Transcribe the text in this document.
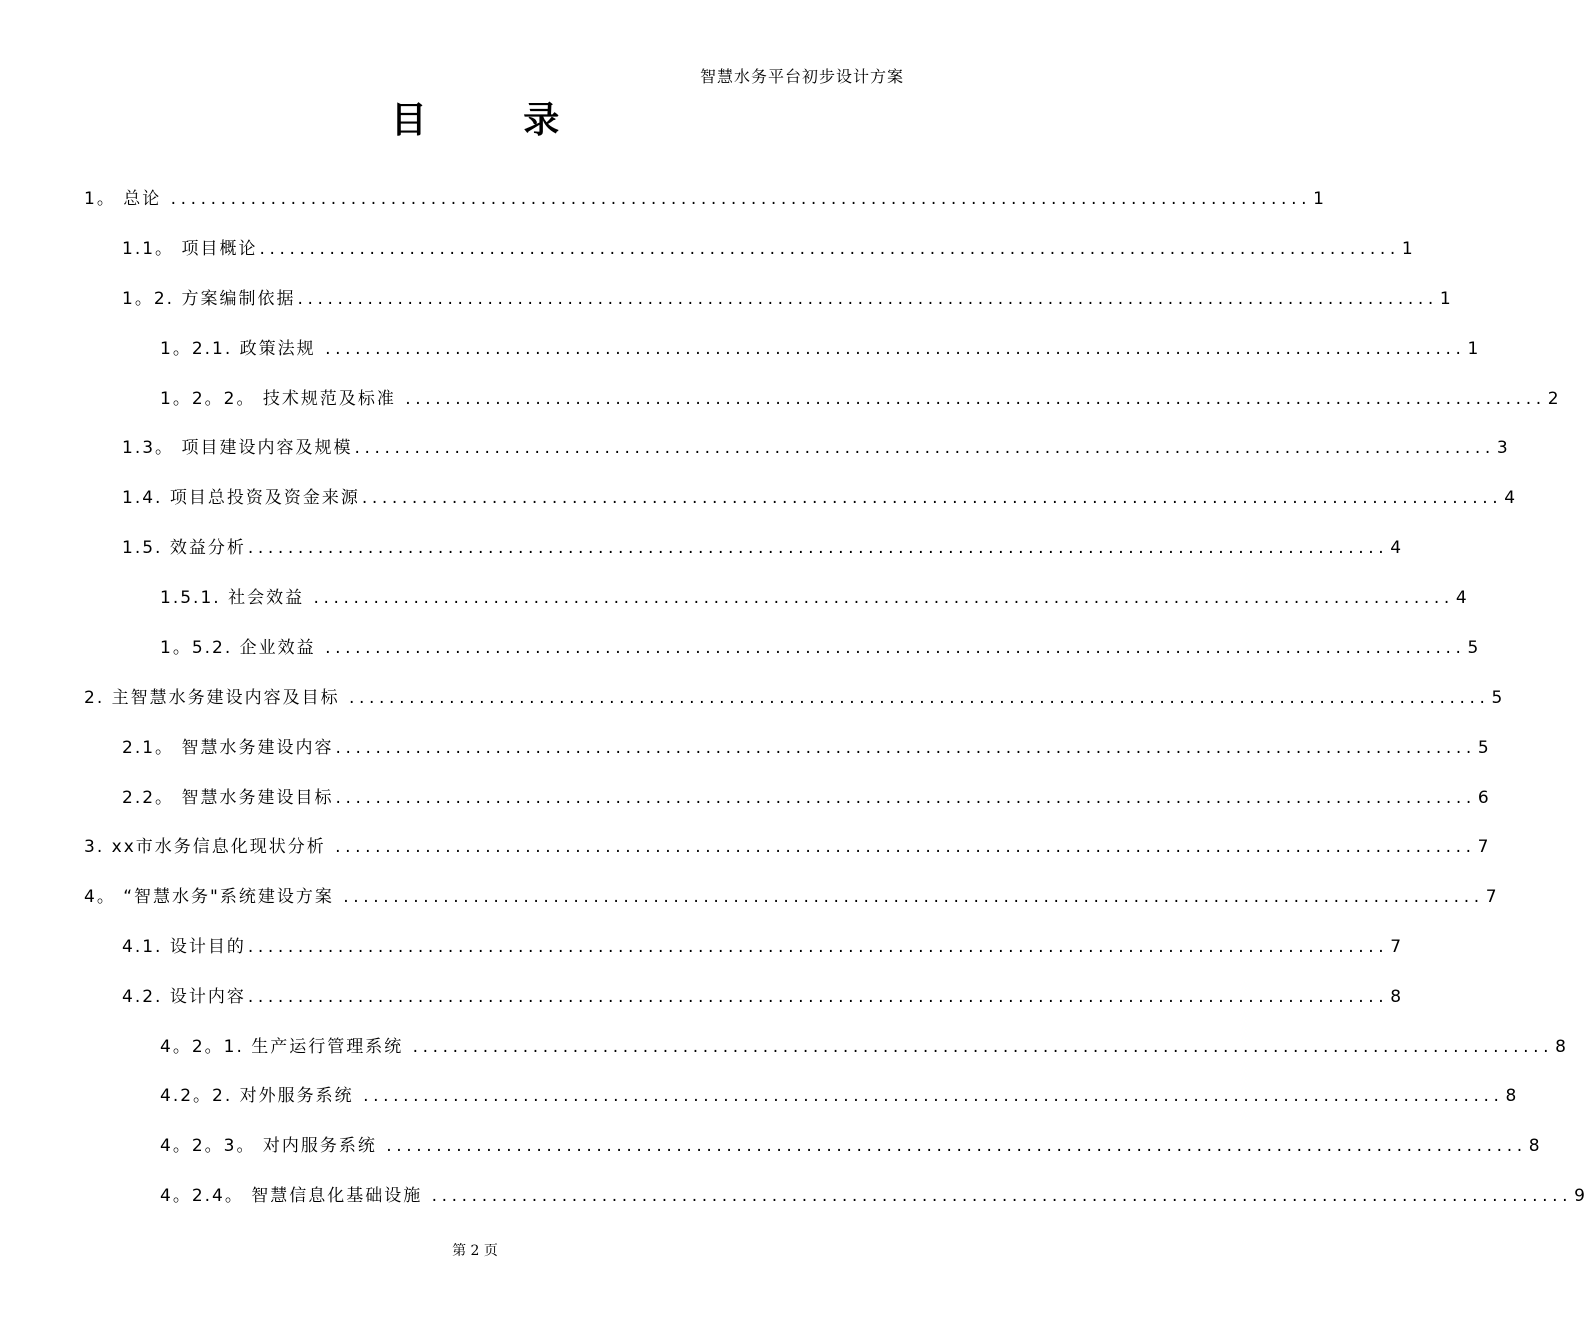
智慧水务平台初步设计方案
目 录
1。 总论 .................................................................................................................. 1
1.1。 项目概论 .................................................................................................................. 1
1。2. 方案编制依据 .................................................................................................................. 1
1。2.1. 政策法规 .................................................................................................................. 1
1。2。2。 技术规范及标准 .................................................................................................................. 2
1.3。 项目建设内容及规模 .................................................................................................................. 3
1.4. 项目总投资及资金来源 .................................................................................................................. 4
1.5. 效益分析 .................................................................................................................. 4
1.5.1. 社会效益 .................................................................................................................. 4
1。5.2. 企业效益 .................................................................................................................. 5
2. 主智慧水务建设内容及目标 .................................................................................................................. 5
2.1。 智慧水务建设内容 .................................................................................................................. 5
2.2。 智慧水务建设目标 .................................................................................................................. 6
3. xx市水务信息化现状分析 .................................................................................................................. 7
4。 “智慧水务"系统建设方案 .................................................................................................................. 7
4.1. 设计目的 .................................................................................................................. 7
4.2. 设计内容 .................................................................................................................. 8
4。2。1. 生产运行管理系统 .................................................................................................................. 8
4.2。2. 对外服务系统 .................................................................................................................. 8
4。2。3。 对内服务系统 .................................................................................................................. 8
4。2.4。 智慧信息化基础设施 .................................................................................................................. 9
第 2 页
